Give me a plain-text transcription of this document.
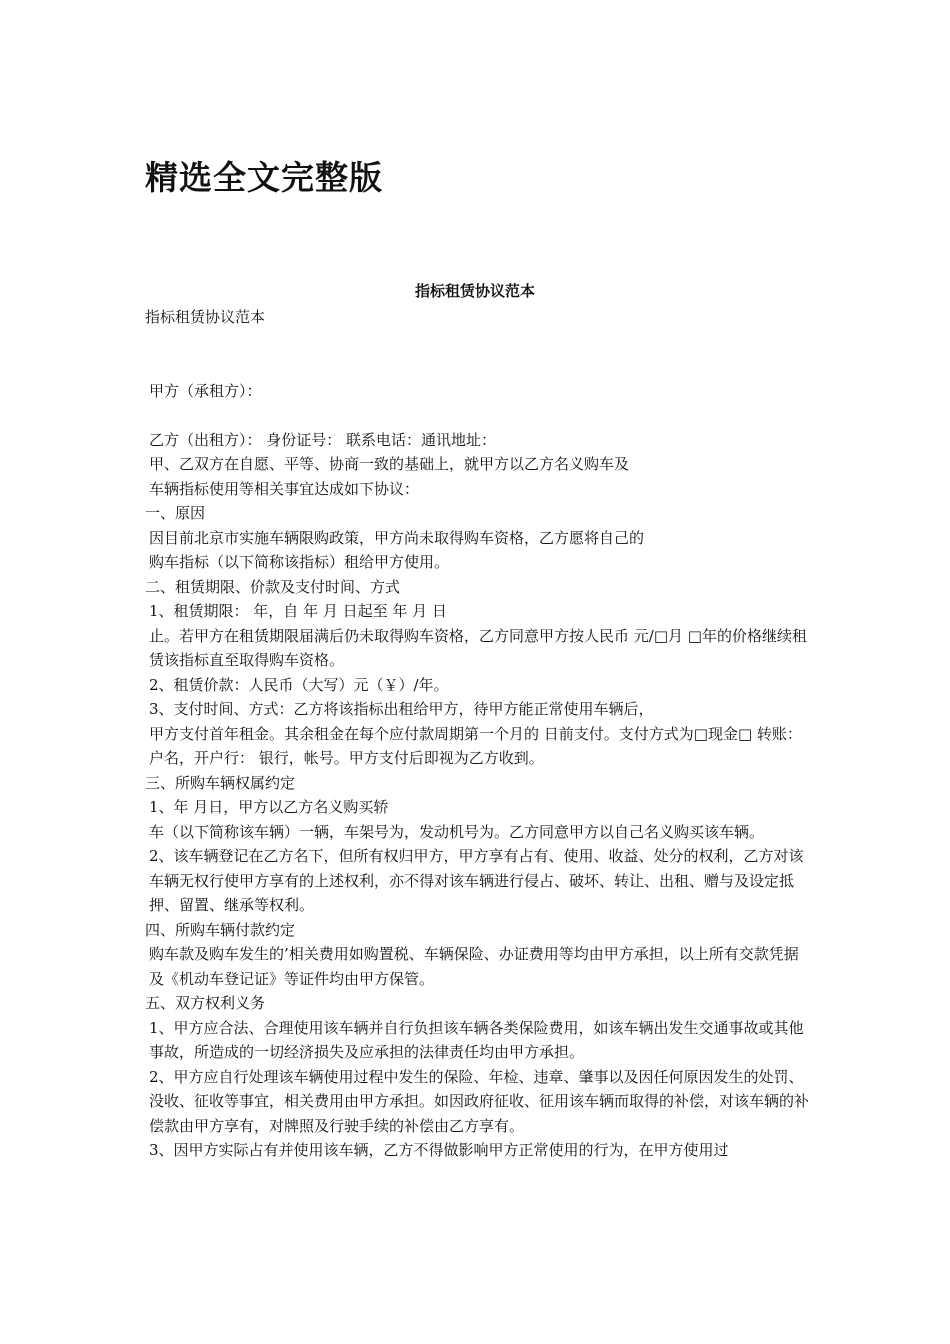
精选全文完整版
指标租赁协议范本

指标租赁协议范本

甲方（承租方）：

乙方（出租方）： 身份证号： 联系电话：通讯地址：

甲、乙双方在自愿、平等、协商一致的基础上，就甲方以乙方名义购车及

车辆指标使用等相关事宜达成如下协议：

一、原因

因目前北京市实施车辆限购政策，甲方尚未取得购车资格，乙方愿将自己的

购车指标（以下简称该指标）租给甲方使用。

二、租赁期限、价款及支付时间、方式

1、租赁期限： 年，自 年 月 日起至 年 月 日

止。若甲方在租赁期限届满后仍未取得购车资格，乙方同意甲方按人民币 元/□月 □年的价格继续租赁该指标直至取得购车资格。

2、租赁价款：人民币（大写）元（￥）/年。

3、支付时间、方式：乙方将该指标出租给甲方，待甲方能正常使用车辆后，

甲方支付首年租金。其余租金在每个应付款周期第一个月的 日前支付。支付方式为□现金□ 转账：户名，开户行： 银行，帐号。甲方支付后即视为乙方收到。

三、所购车辆权属约定

1、年 月日，甲方以乙方名义购买轿

车（以下简称该车辆）一辆，车架号为，发动机号为。乙方同意甲方以自己名义购买该车辆。

2、该车辆登记在乙方名下，但所有权归甲方，甲方享有占有、使用、收益、处分的权利，乙方对该车辆无权行使甲方享有的上述权利，亦不得对该车辆进行侵占、破坏、转让、出租、赠与及设定抵押、留置、继承等权利。

四、所购车辆付款约定

购车款及购车发生的’相关费用如购置税、车辆保险、办证费用等均由甲方承担，以上所有交款凭据及《机动车登记证》等证件均由甲方保管。

五、双方权利义务

1、甲方应合法、合理使用该车辆并自行负担该车辆各类保险费用，如该车辆出发生交通事故或其他事故，所造成的一切经济损失及应承担的法律责任均由甲方承担。

2、甲方应自行处理该车辆使用过程中发生的保险、年检、违章、肇事以及因任何原因发生的处罚、没收、征收等事宜，相关费用由甲方承担。如因政府征收、征用该车辆而取得的补偿，对该车辆的补偿款由甲方享有，对牌照及行驶手续的补偿由乙方享有。

3、因甲方实际占有并使用该车辆，乙方不得做影响甲方正常使用的行为，在甲方使用过
